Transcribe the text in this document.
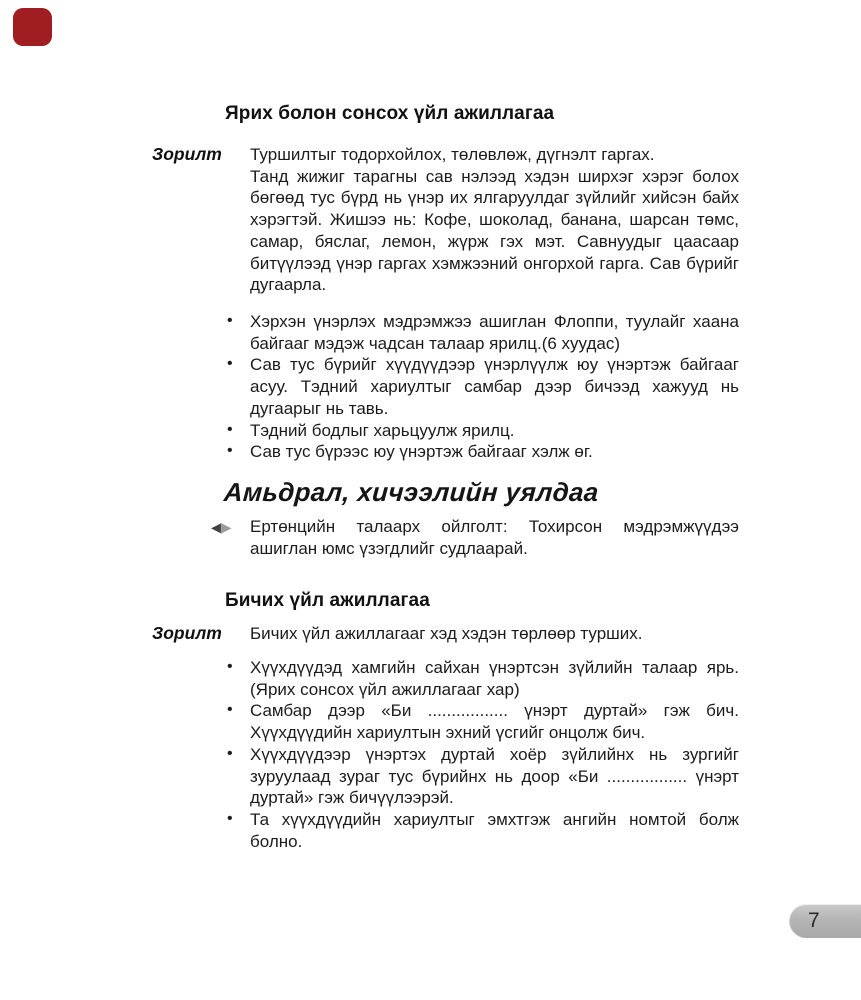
Ярих болон сонсох үйл ажиллагаа
Зорилт Туршилтыг тодорхойлох, төлөвлөж, дүгнэлт гаргах.
Танд жижиг тарагны сав нэлээд хэдэн ширхэг хэрэг болох бөгөөд тус бүрд нь үнэр их ялгаруулдаг зүйлийг хийсэн байх хэрэгтэй. Жишээ нь: Кофе, шоколад, банана, шарсан төмс, самар, бяслаг, лемон, жүрж гэх мэт. Савнуудыг цаасаар битүүлээд үнэр гаргах хэмжээний онгорхой гарга. Сав бүрийг дугаарла.
• Хэрхэн үнэрлэх мэдрэмжээ ашиглан Флоппи, туулайг хаана байгааг мэдэж чадсан талаар ярилц.(6 хуудас)
• Сав тус бүрийг хүүдүүдээр үнэрлүүлж юу үнэртэж байгааг асуу. Тэдний хариултыг самбар дээр бичээд хажууд нь дугаарыг нь тавь.
• Тэдний бодлыг харьцуулж ярилц.
• Сав тус бүрээс юу үнэртэж байгааг хэлж өг.
Амьдрал, хичээлийн уялдаа
◀▶ Ертөнцийн талаарх ойлголт: Тохирсон мэдрэмжүүдээ ашиглан юмс үзэгдлийг судлаарай.
Бичих үйл ажиллагаа
Зорилт Бичих үйл ажиллагааг хэд хэдэн төрлөөр турших.
• Хүүхдүүдэд хамгийн сайхан үнэртсэн зүйлийн талаар ярь. (Ярих сонсох үйл ажиллагааг хар)
• Самбар дээр «Би ................. үнэрт дуртай» гэж бич. Хүүхдүүдийн хариултын эхний үсгийг онцолж бич.
• Хүүхдүүдээр үнэртэх дуртай хоёр зүйлийнх нь зургийг зуруулаад зураг тус бүрийнх нь доор «Би ................. үнэрт дуртай» гэж бичүүлээрэй.
• Та хүүхдүүдийн хариултыг эмхтгэж ангийн номтой болж болно.
7
